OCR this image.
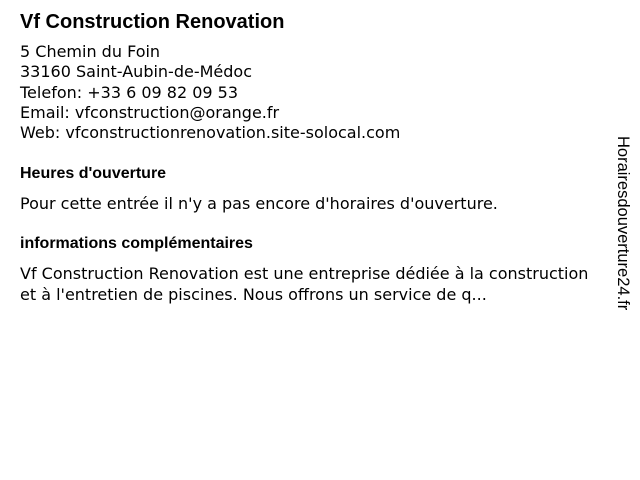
Vf Construction Renovation
5 Chemin du Foin
33160 Saint-Aubin-de-Médoc
Telefon: +33 6 09 82 09 53
Email: vfconstruction@orange.fr
Web: vfconstructionrenovation.site-solocal.com
Heures d'ouverture
Pour cette entrée il n'y a pas encore d'horaires d'ouverture.
informations complémentaires
Vf Construction Renovation est une entreprise dédiée à la construction et à l'entretien de piscines. Nous offrons un service de q...	Horairesdouverture24.fr
